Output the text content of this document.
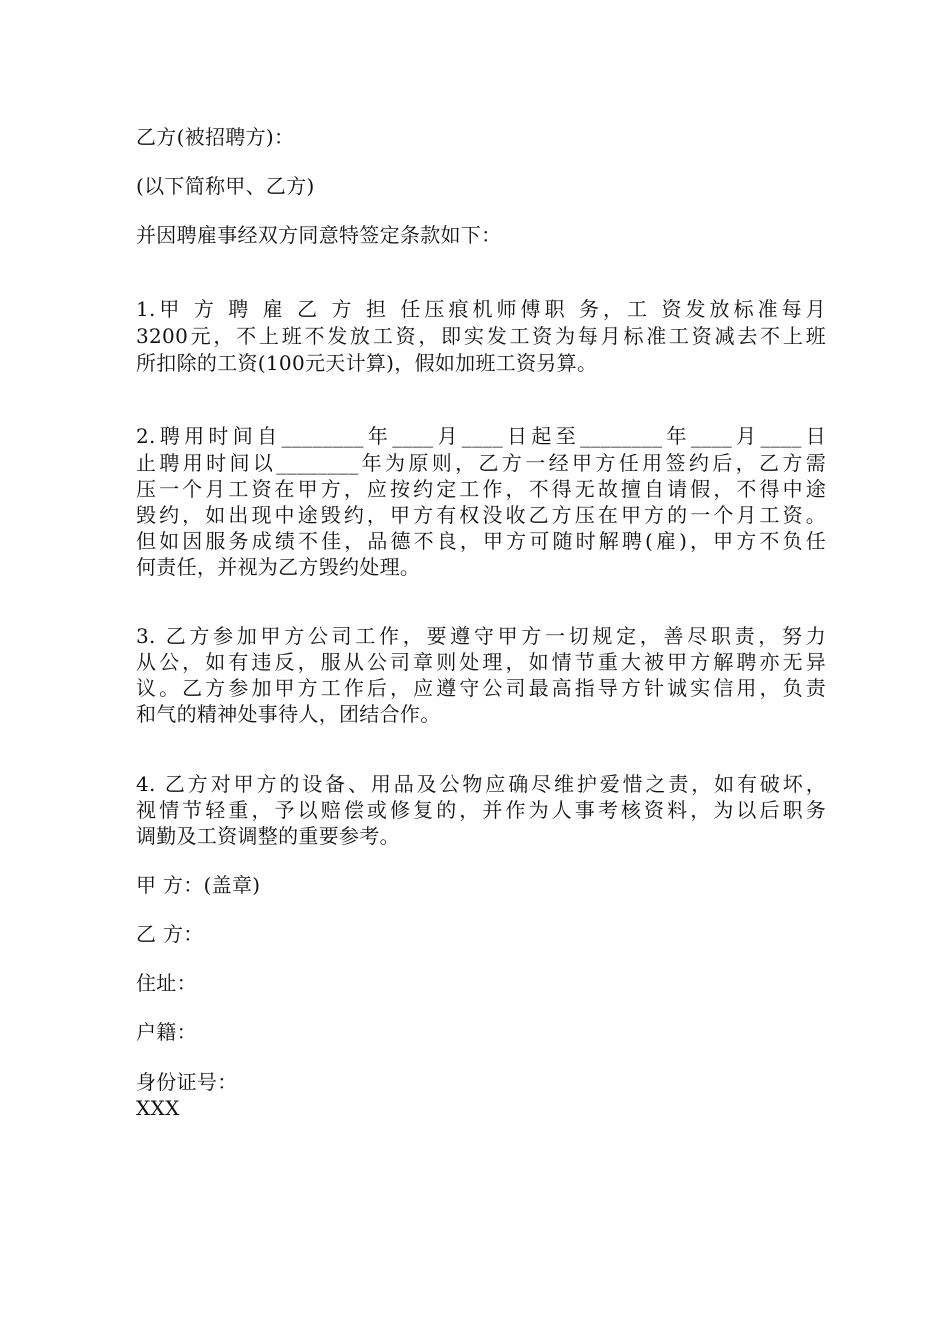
乙方(被招聘方)：
(以下简称甲、乙方)
并因聘雇事经双方同意特签定条款如下：
1.甲 方 聘 雇 乙 方 担 任压痕机师傅职 务，工 资发放标准每月
3200元，不上班不发放工资，即实发工资为每月标准工资减去不上班
所扣除的工资(100元天计算)，假如加班工资另算。
2.聘用时间自________年____月____日起至________年____月____日
止聘用时间以________年为原则，乙方一经甲方任用签约后，乙方需
压一个月工资在甲方，应按约定工作，不得无故擅自请假，不得中途
毁约，如出现中途毁约，甲方有权没收乙方压在甲方的一个月工资。
但如因服务成绩不佳，品德不良，甲方可随时解聘(雇)，甲方不负任
何责任，并视为乙方毁约处理。
3. 乙方参加甲方公司工作，要遵守甲方一切规定，善尽职责，努力
从公，如有违反，服从公司章则处理，如情节重大被甲方解聘亦无异
议。乙方参加甲方工作后，应遵守公司最高指导方针诚实信用，负责
和气的精神处事待人，团结合作。
4. 乙方对甲方的设备、用品及公物应确尽维护爱惜之责，如有破坏，
视情节轻重，予以赔偿或修复的，并作为人事考核资料，为以后职务
调勤及工资调整的重要参考。
甲 方：(盖章)
乙 方：
住址：
户籍：
身份证号：
XXX
